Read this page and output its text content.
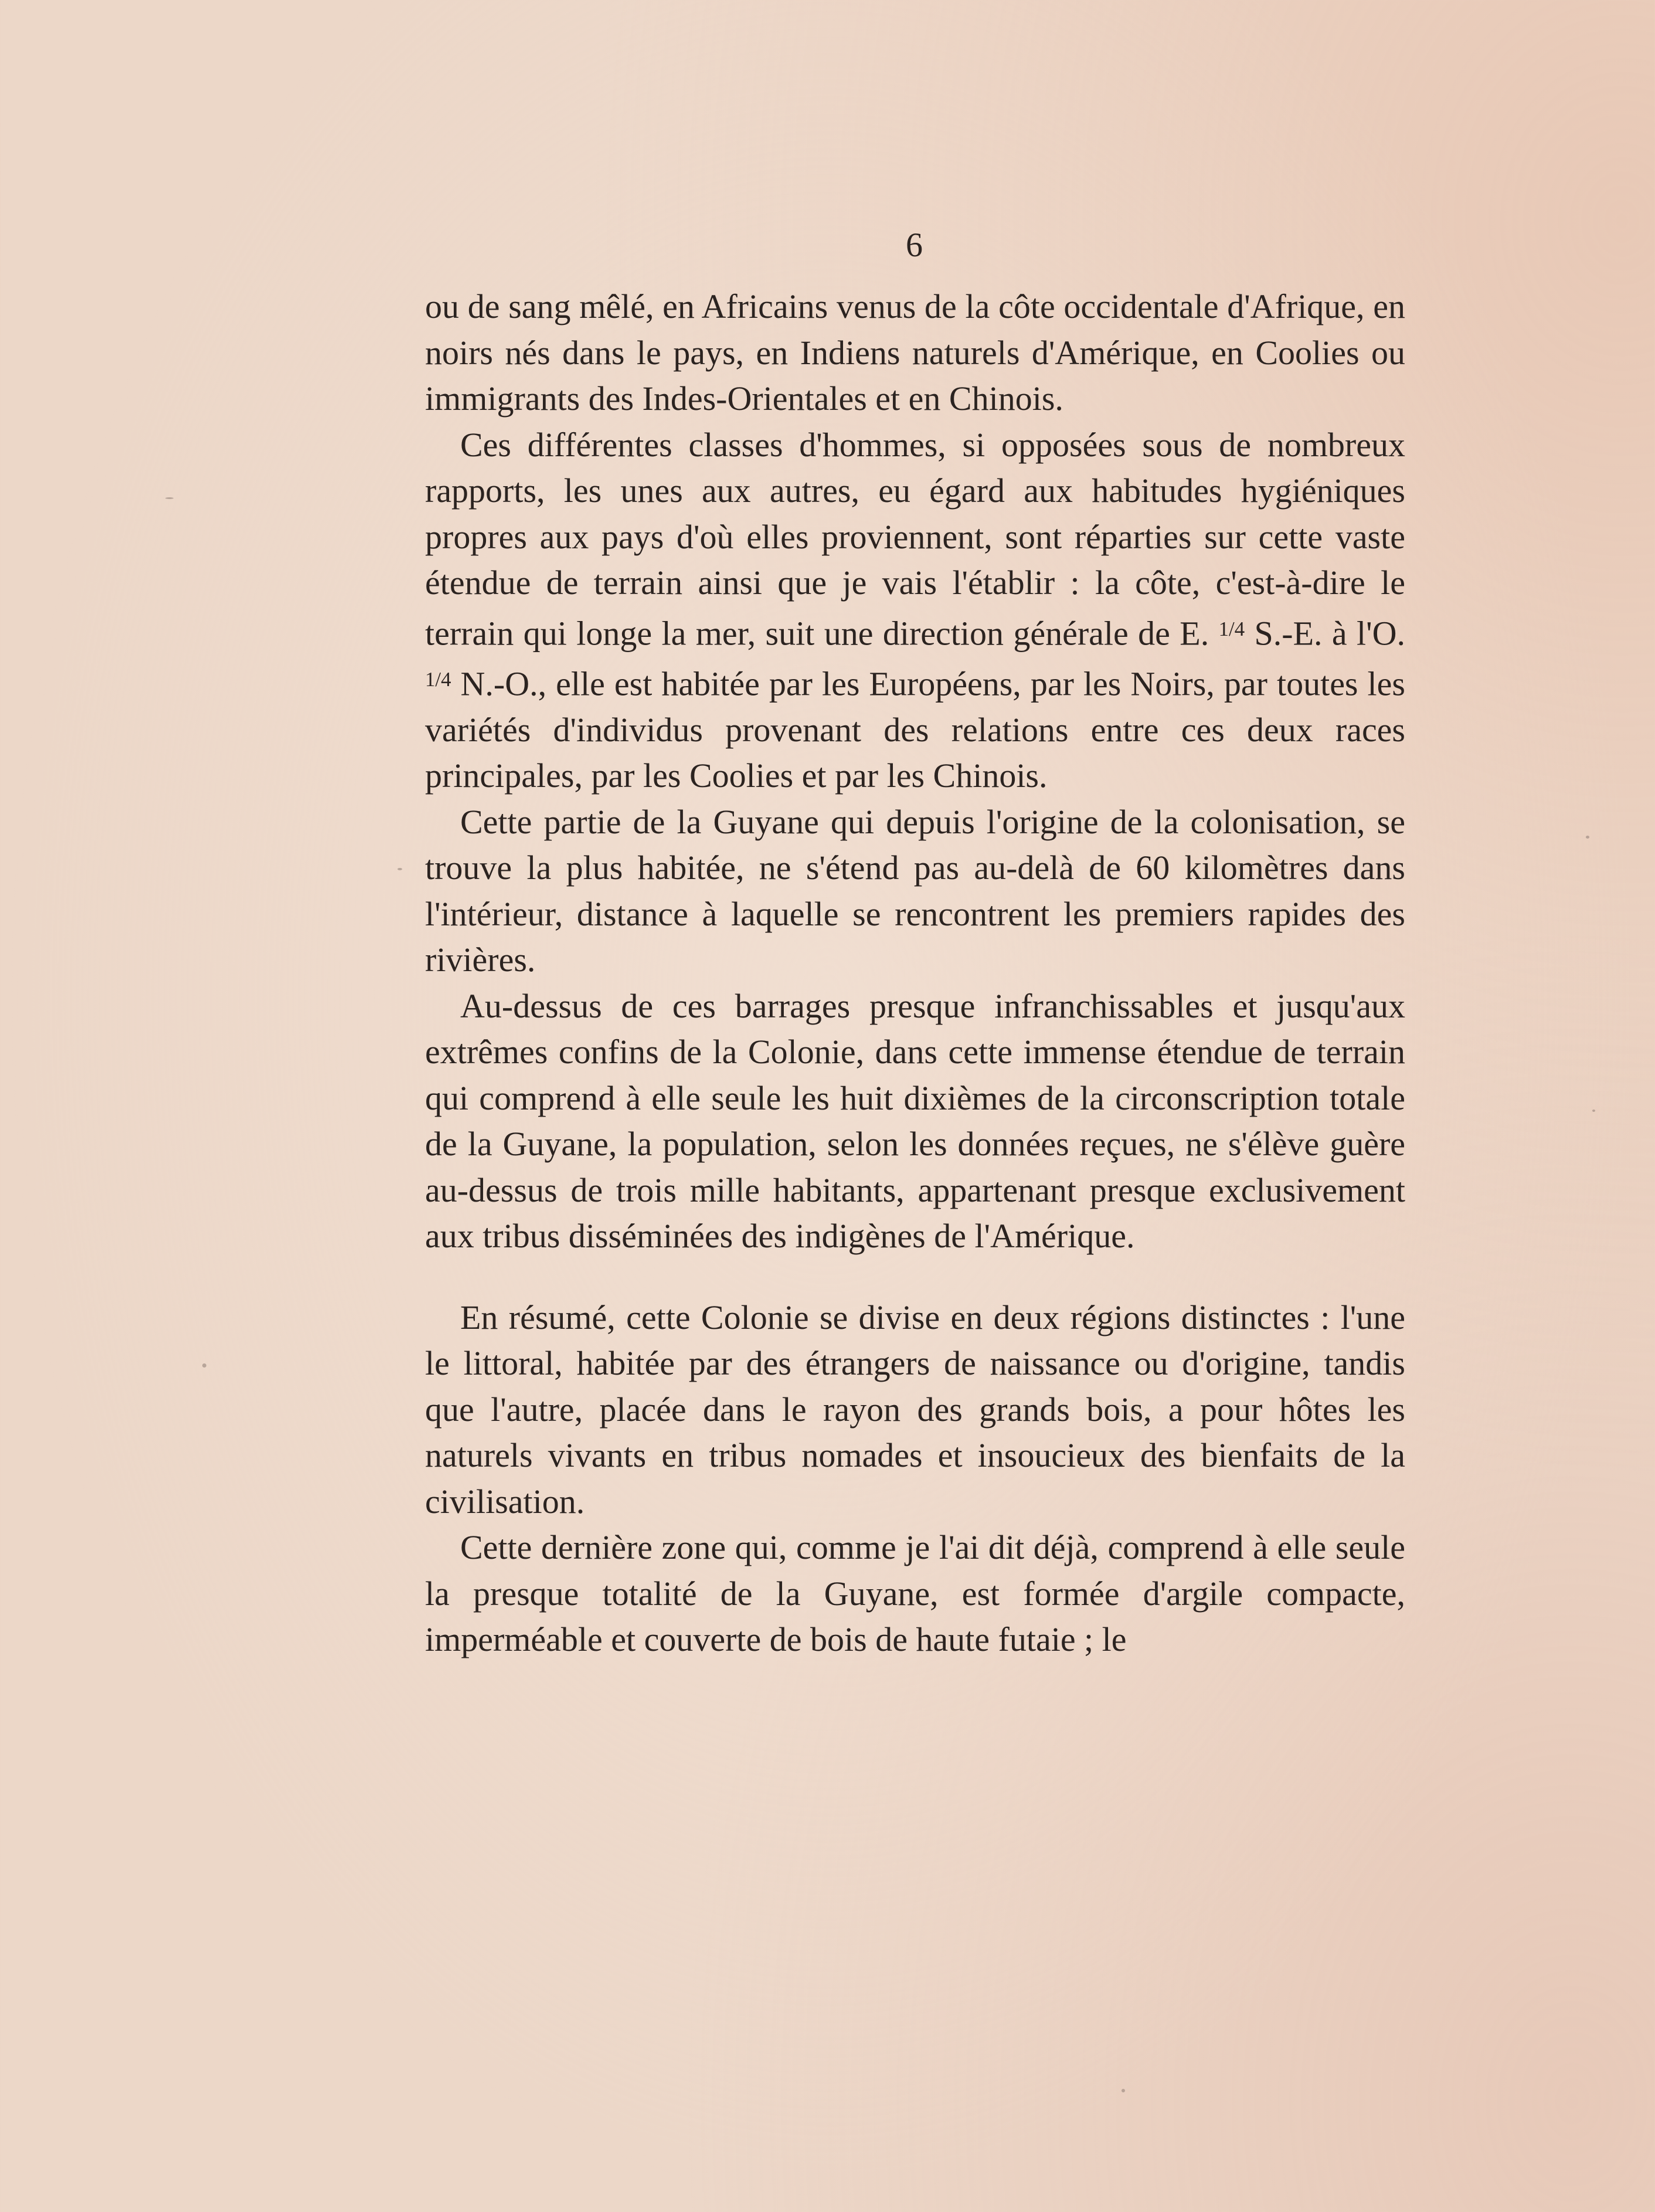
6

ou de sang mêlé, en Africains venus de la côte occidentale d'Afrique, en noirs nés dans le pays, en Indiens naturels d'Amérique, en Coolies ou immigrants des Indes-Orientales et en Chinois.

Ces différentes classes d'hommes, si opposées sous de nombreux rapports, les unes aux autres, eu égard aux habitudes hygiéniques propres aux pays d'où elles proviennent, sont réparties sur cette vaste étendue de terrain ainsi que je vais l'établir : la côte, c'est-à-dire le terrain qui longe la mer, suit une direction générale de E. $^{1/4}$ S.-E. à l'O. $^{1/4}$ N.-O., elle est habitée par les Européens, par les Noirs, par toutes les variétés d'individus provenant des relations entre ces deux races principales, par les Coolies et par les Chinois.

Cette partie de la Guyane qui depuis l'origine de la colonisation, se trouve la plus habitée, ne s'étend pas au-delà de 60 kilomètres dans l'intérieur, distance à laquelle se rencontrent les premiers rapides des rivières.

Au-dessus de ces barrages presque infranchissables et jusqu'aux extrêmes confins de la Colonie, dans cette immense étendue de terrain qui comprend à elle seule les huit dixièmes de la circonscription totale de la Guyane, la population, selon les données reçues, ne s'élève guère au-dessus de trois mille habitants, appartenant presque exclusivement aux tribus disséminées des indigènes de l'Amérique.

En résumé, cette Colonie se divise en deux régions distinctes : l'une le littoral, habitée par des étrangers de naissance ou d'origine, tandis que l'autre, placée dans le rayon des grands bois, a pour hôtes les naturels vivants en tribus nomades et insoucieux des bienfaits de la civilisation.

Cette dernière zone qui, comme je l'ai dit déjà, comprend à elle seule la presque totalité de la Guyane, est formée d'argile compacte, imperméable et couverte de bois de haute futaie ; le
